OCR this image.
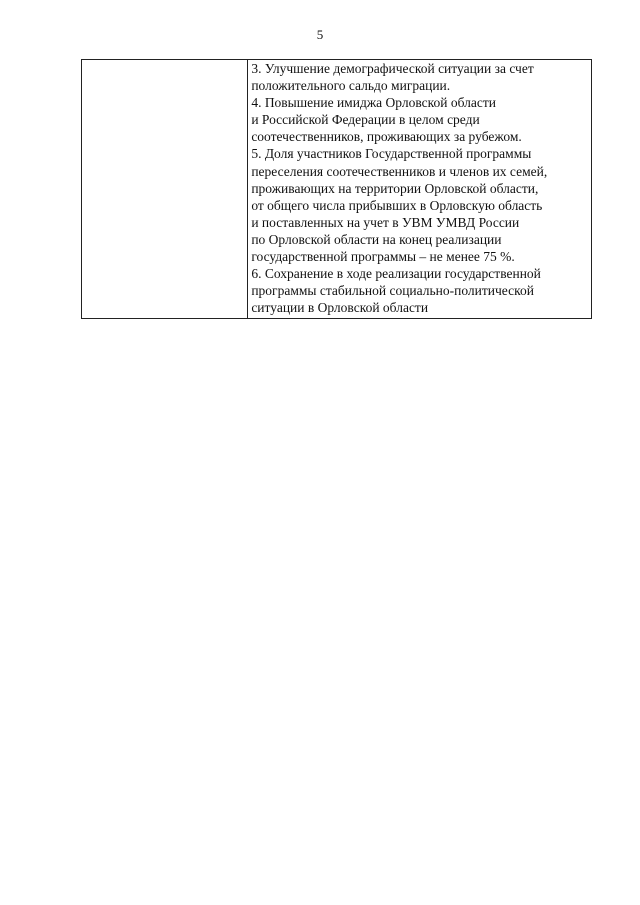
5

3. Улучшение демографической ситуации за счет
положительного сальдо миграции.
4. Повышение имиджа Орловской области
и Российской Федерации в целом среди
соотечественников, проживающих за рубежом.
5. Доля участников Государственной программы
переселения соотечественников и членов их семей,
проживающих на территории Орловской области,
от общего числа прибывших в Орловскую область
и поставленных на учет в УВМ УМВД России
по Орловской области на конец реализации
государственной программы – не менее 75 %.
6. Сохранение в ходе реализации государственной
программы стабильной социально-политической
ситуации в Орловской области
